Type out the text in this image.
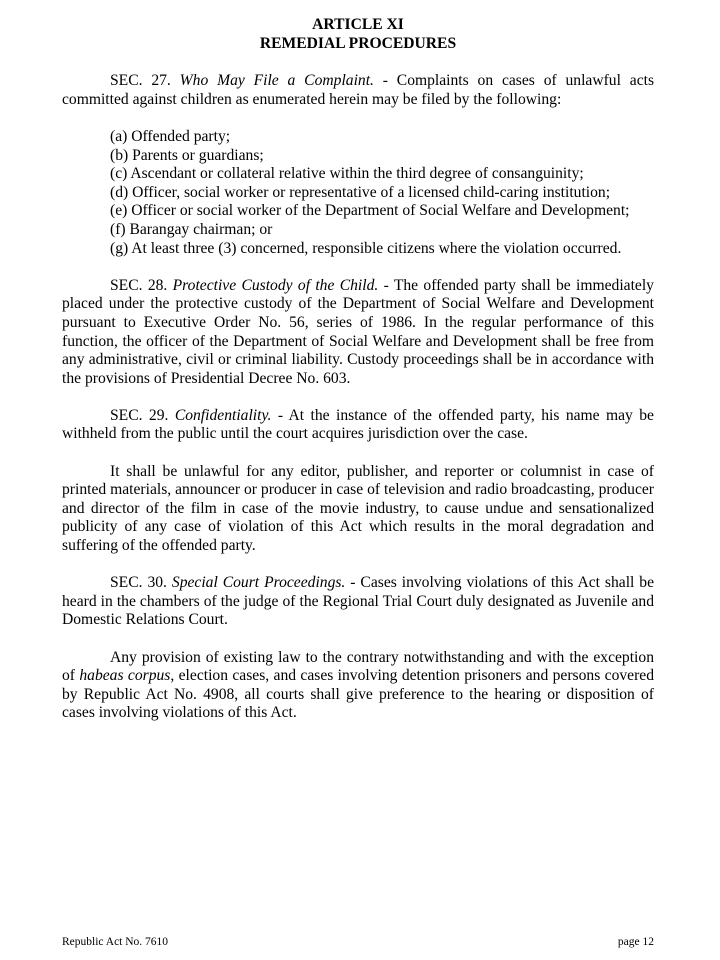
ARTICLE XI
REMEDIAL PROCEDURES

SEC. 27. Who May File a Complaint. - Complaints on cases of unlawful acts committed against children as enumerated herein may be filed by the following:

(a) Offended party;
(b) Parents or guardians;
(c) Ascendant or collateral relative within the third degree of consanguinity;
(d) Officer, social worker or representative of a licensed child-caring institution;
(e) Officer or social worker of the Department of Social Welfare and Development;
(f) Barangay chairman; or
(g) At least three (3) concerned, responsible citizens where the violation occurred.

SEC. 28. Protective Custody of the Child. - The offended party shall be immediately placed under the protective custody of the Department of Social Welfare and Development pursuant to Executive Order No. 56, series of 1986. In the regular performance of this function, the officer of the Department of Social Welfare and Development shall be free from any administrative, civil or criminal liability. Custody proceedings shall be in accordance with the provisions of Presidential Decree No. 603.

SEC. 29. Confidentiality. - At the instance of the offended party, his name may be withheld from the public until the court acquires jurisdiction over the case.

It shall be unlawful for any editor, publisher, and reporter or columnist in case of printed materials, announcer or producer in case of television and radio broadcasting, producer and director of the film in case of the movie industry, to cause undue and sensationalized publicity of any case of violation of this Act which results in the moral degradation and suffering of the offended party.

SEC. 30. Special Court Proceedings. - Cases involving violations of this Act shall be heard in the chambers of the judge of the Regional Trial Court duly designated as Juvenile and Domestic Relations Court.

Any provision of existing law to the contrary notwithstanding and with the exception of habeas corpus, election cases, and cases involving detention prisoners and persons covered by Republic Act No. 4908, all courts shall give preference to the hearing or disposition of cases involving violations of this Act.

Republic Act No. 7610	page 12
